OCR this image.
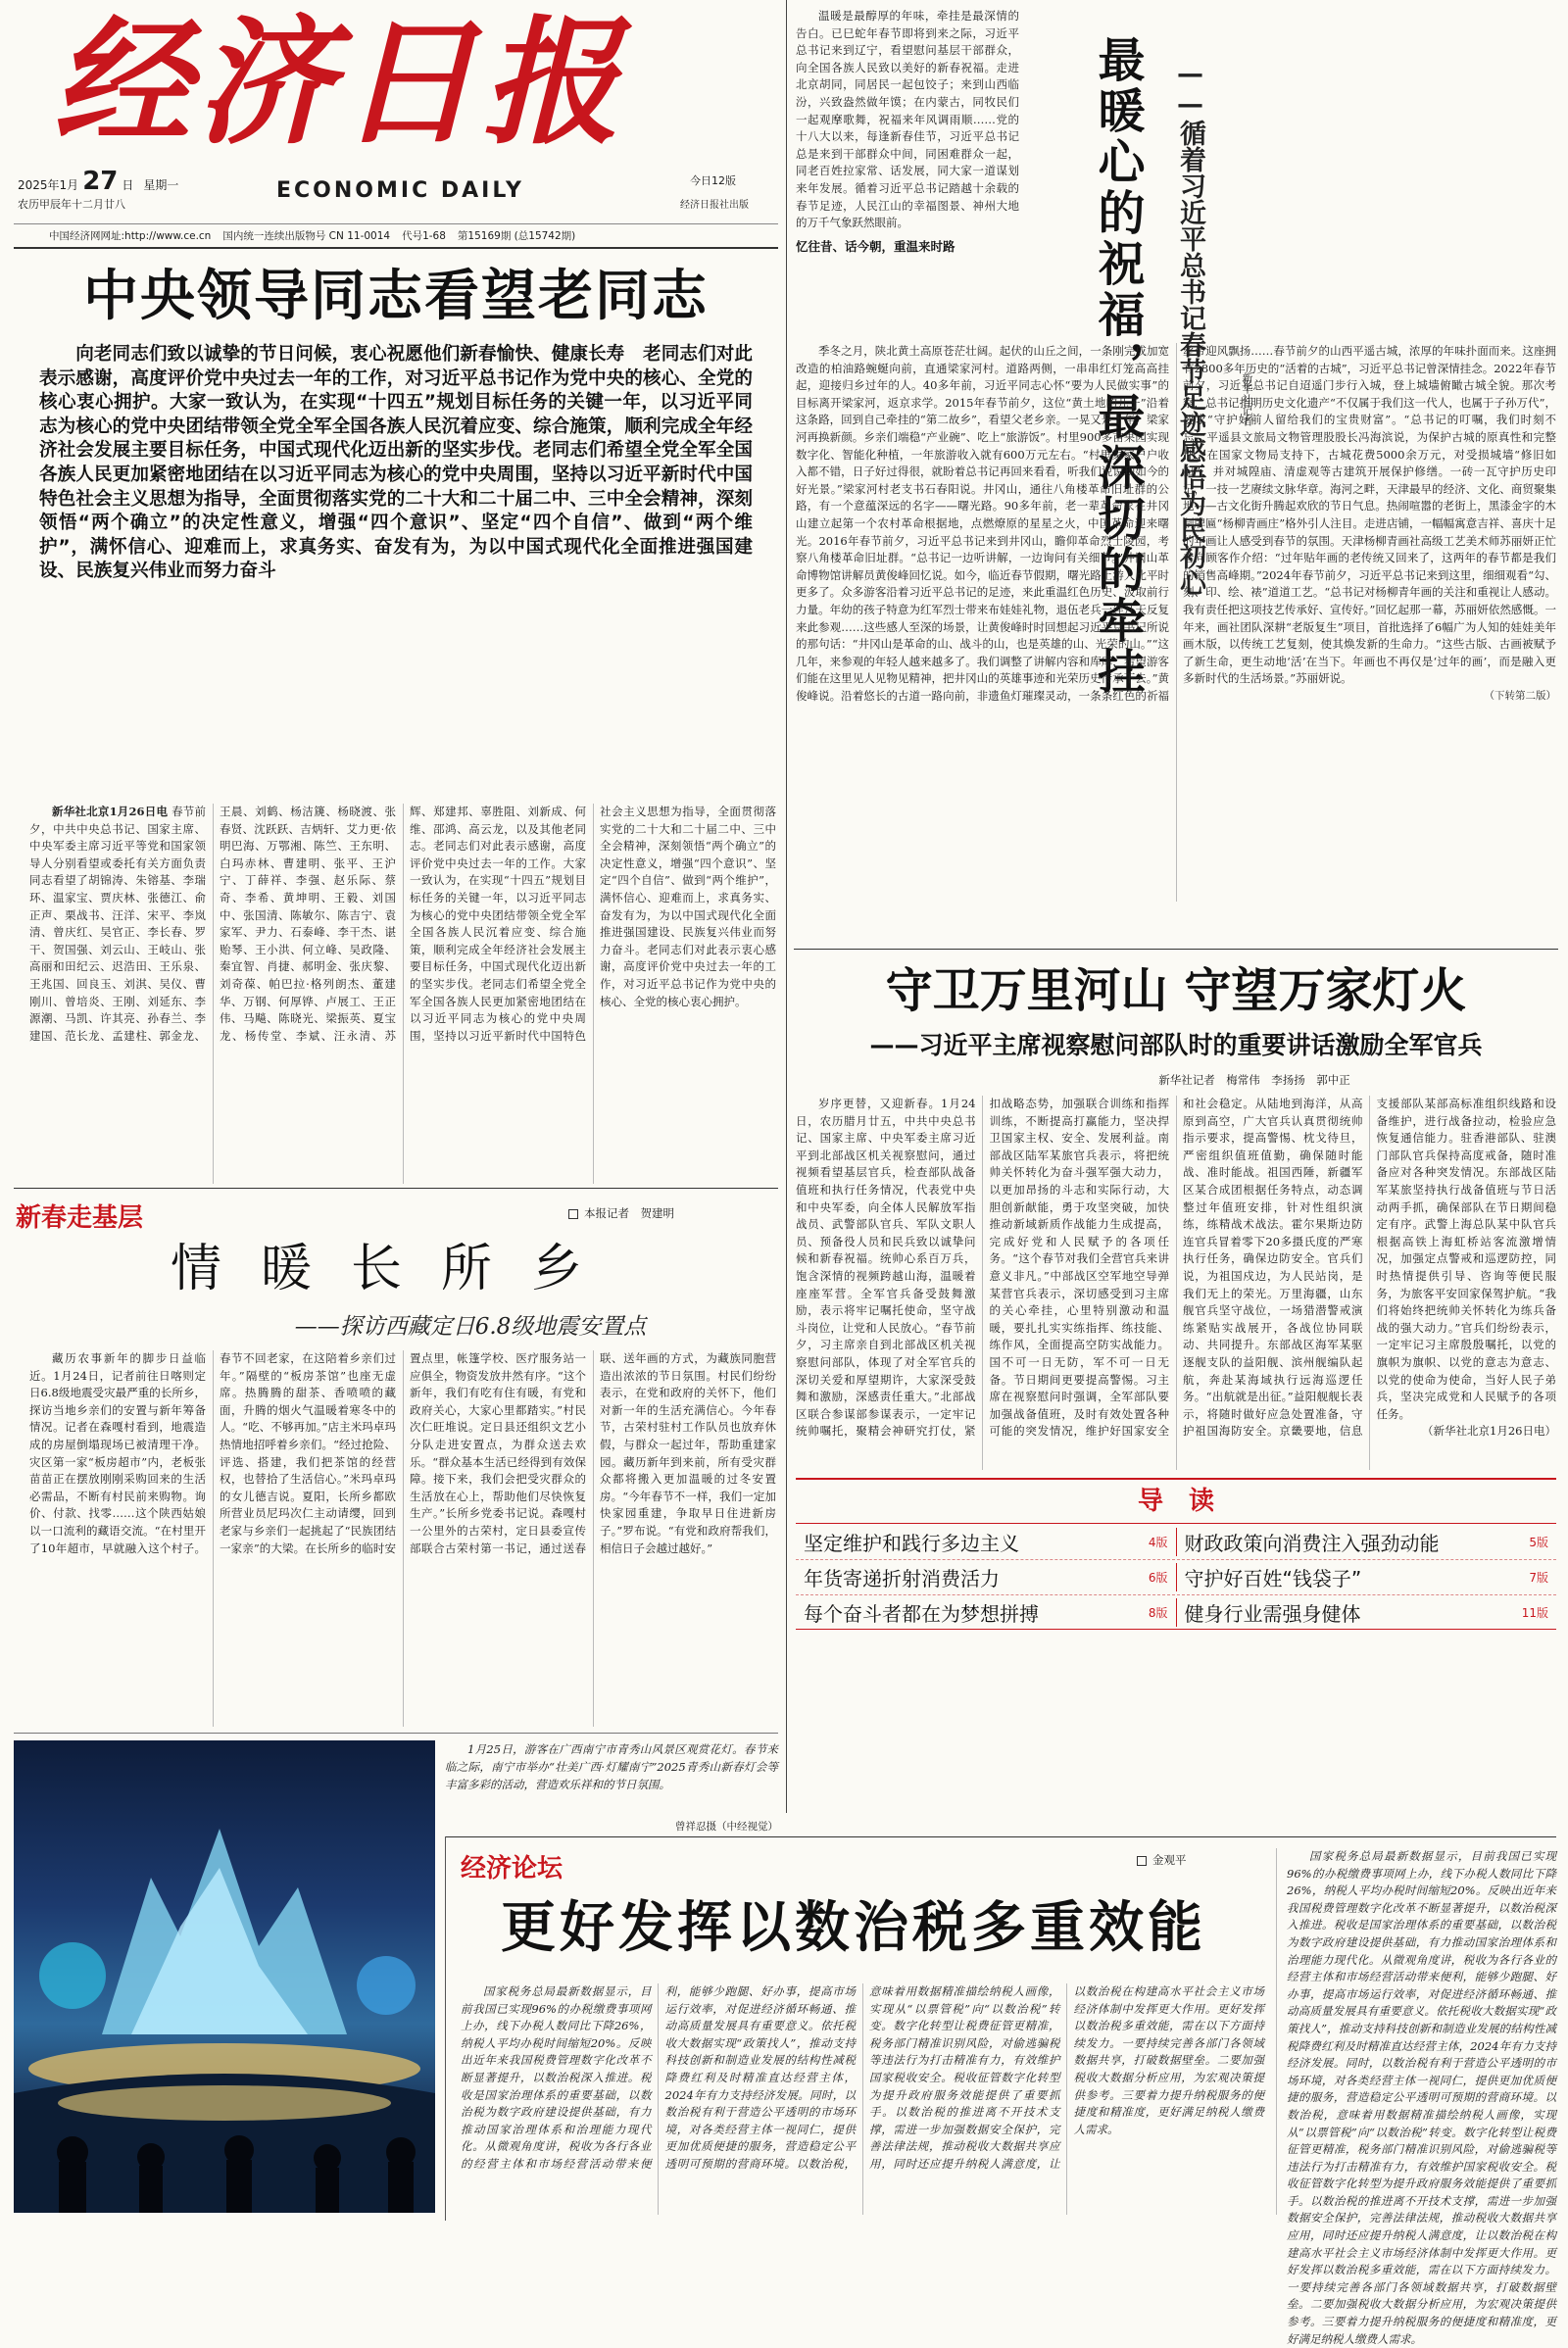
经济日报
2025年1月 27 日 星期一
农历甲辰年十二月廿八
ECONOMIC DAILY	今日12版
经济日报社出版
中国经济网网址:http://www.ce.cn 国内统一连续出版物号 CN 11-0014 代号1-68 第15169期 (总15742期)
中央领导同志看望老同志
向老同志们致以诚挚的节日问候，衷心祝愿他们新春愉快、健康长寿　老同志们对此表示感谢，高度评价党中央过去一年的工作，对习近平总书记作为党中央的核心、全党的核心衷心拥护。大家一致认为，在实现“十四五”规划目标任务的关键一年，以习近平同志为核心的党中央团结带领全党全军全国各族人民沉着应变、综合施策，顺利完成全年经济社会发展主要目标任务，中国式现代化迈出新的坚实步伐。老同志们希望全党全军全国各族人民更加紧密地团结在以习近平同志为核心的党中央周围，坚持以习近平新时代中国特色社会主义思想为指导，全面贯彻落实党的二十大和二十届二中、三中全会精神，深刻领悟“两个确立”的决定性意义，增强“四个意识”、坚定“四个自信”、做到“两个维护”，满怀信心、迎难而上，求真务实、奋发有为，为以中国式现代化全面推进强国建设、民族复兴伟业而努力奋斗
新华社北京1月26日电 春节前夕，中共中央总书记、国家主席、中央军委主席习近平等党和国家领导人分别看望或委托有关方面负责同志看望了胡锦涛、朱镕基、李瑞环、温家宝、贾庆林、张德江、俞正声、栗战书、汪洋、宋平、李岚清、曾庆红、吴官正、李长春、罗干、贺国强、刘云山、王岐山、张高丽和田纪云、迟浩田、王乐泉、王兆国、回良玉、刘淇、吴仪、曹刚川、曾培炎、王刚、刘延东、李源潮、马凯、许其亮、孙春兰、李建国、范长龙、孟建柱、郭金龙、王晨、刘鹤、杨洁篪、杨晓渡、张春贤、沈跃跃、吉炳轩、艾力更·依明巴海、万鄂湘、陈竺、王东明、白玛赤林、曹建明、张平、王沪宁、丁薛祥、李强、赵乐际、蔡奇、李希、黄坤明、王毅、刘国中、张国清、陈敏尔、陈吉宁、袁家军、尹力、石泰峰、李干杰、谌贻琴、王小洪、何立峰、吴政隆、秦宜智、肖捷、郝明金、张庆黎、刘奇葆、帕巴拉·格列朗杰、董建华、万钢、何厚铧、卢展工、王正伟、马飚、陈晓光、梁振英、夏宝龙、杨传堂、李斌、汪永清、苏辉、郑建邦、辜胜阻、刘新成、何维、邵鸿、高云龙，以及其他老同志。老同志们对此表示感谢，高度评价党中央过去一年的工作。大家一致认为，在实现“十四五”规划目标任务的关键一年，以习近平同志为核心的党中央团结带领全党全军全国各族人民沉着应变、综合施策，顺利完成全年经济社会发展主要目标任务，中国式现代化迈出新的坚实步伐。老同志们希望全党全军全国各族人民更加紧密地团结在以习近平同志为核心的党中央周围，坚持以习近平新时代中国特色社会主义思想为指导，全面贯彻落实党的二十大和二十届二中、三中全会精神，深刻领悟“两个确立”的决定性意义，增强“四个意识”、坚定“四个自信”、做到“两个维护”，满怀信心、迎难而上，求真务实、奋发有为，为以中国式现代化全面推进强国建设、民族复兴伟业而努力奋斗。老同志们对此表示衷心感谢，高度评价党中央过去一年的工作，对习近平总书记作为党中央的核心、全党的核心衷心拥护。
温暖是最醇厚的年味，牵挂是最深情的告白。已巳蛇年春节即将到来之际，习近平总书记来到辽宁，看望慰问基层干部群众，向全国各族人民致以美好的新春祝福。走进北京胡同，同居民一起包饺子；来到山西临汾，兴致盎然做年馍；在内蒙古，同牧民们一起观摩歌舞，祝福来年风调雨顺……党的十八大以来，每逢新春佳节，习近平总书记总是来到干部群众中间，同困难群众一起，同老百姓拉家常、话发展，同大家一道谋划来年发展。循着习近平总书记踏越十余载的春节足迹，人民江山的幸福图景、神州大地的万千气象跃然眼前。
忆往昔、话今朝，重温来时路	最暖心的祝福，最深切的牵挂	——循着习近平总书记春节足迹感悟为民初心	新华社记者
季冬之月，陕北黄土高原苍茫壮阔。起伏的山丘之间，一条刚完成加宽改造的柏油路蜿蜒向前，直通梁家河村。道路两侧，一串串红灯笼高高挂起，迎接归乡过年的人。40多年前，习近平同志心怀“要为人民做实事”的目标离开梁家河，返京求学。2015年春节前夕，这位“黄土地的儿子”沿着这条路，回到自己牵挂的“第二故乡”，看望父老乡亲。一晃又是十年，梁家河再换新颜。乡亲们端稳“产业碗”、吃上“旅游饭”。村里900多亩果园实现数字化、智能化种植，一年旅游收入就有600万元左右。“村里家家户户收入都不错，日子好过得很，就盼着总书记再回来看看，听我们说说现如今的好光景。”梁家河村老支书石春阳说。井冈山，通往八角楼革命旧址群的公路，有一个意蕴深远的名字——曙光路。90多年前，老一辈革命家在井冈山建立起第一个农村革命根据地，点燃燎原的星星之火，中国革命迎来曙光。2016年春节前夕，习近平总书记来到井冈山，瞻仰革命烈士陵园，考察八角楼革命旧址群。“总书记一边听讲解，一边询问有关细节。”井冈山革命博物馆讲解员黄俊峰回忆说。如今，临近春节假期，曙光路上游人比平时更多了。众多游客沿着习近平总书记的足迹，来此重温红色历史、汲取前行力量。年幼的孩子特意为红军烈士带来布娃娃礼物，退伍老兵一连几天反复来此参观……这些感人至深的场景，让黄俊峰时时回想起习近平总书记所说的那句话：“井冈山是革命的山、战斗的山，也是英雄的山、光荣的山。”“这几年，来参观的年轻人越来越多了。我们调整了讲解内容和库库，希望游客们能在这里见人见物见精神，把井冈山的英雄事迹和光荣历史传承下去。”黄俊峰说。沿着悠长的古道一路向前，非遗鱼灯璀璨灵动，一条条红色的祈福丝带迎风飘扬……春节前夕的山西平遥古城，浓厚的年味扑面而来。这座拥有2800多年历史的“活着的古城”，习近平总书记曾深情挂念。2022年春节前夕，习近平总书记自迢遥门步行入城，登上城墙俯瞰古城全貌。那次考察，总书记指明历史文化遗产“不仅属于我们这一代人，也属于子孙万代”，要求“守护好前人留给我们的宝贵财富”。“总书记的叮嘱，我们时刻不忘。”平遥县文旅局文物管理股股长冯海滨说，为保护古城的原真性和完整性，在国家文物局支持下，古城花费5000余万元，对受损城墙“修旧如旧”，并对城隍庙、清虚观等古建筑开展保护修缮。一砖一瓦守护历史印记，一技一艺赓续文脉华章。海河之畔，天津最早的经济、文化、商贸聚集地——古文化街升腾起欢欣的节日气息。热闹喧嚣的老街上，黑漆金字的木制牌匾“杨柳青画庄”格外引人注目。走进店铺，一幅幅寓意吉祥、喜庆十足的年画让人感受到春节的氛围。天津杨柳青画社高级工艺美术师苏丽妍正忙着向顾客作介绍：“过年贴年画的老传统又回来了，这两年的春节都是我们的销售高峰期。”2024年春节前夕，习近平总书记来到这里，细细观看“勾、刻、印、绘、裱”道道工艺。“总书记对杨柳青年画的关注和重视让人感动。我有责任把这项技艺传承好、宣传好。”回忆起那一幕，苏丽妍依然感慨。一年来，画社团队深耕“老版复生”项目，首批选择了6幅广为人知的娃娃美年画木版，以传统工艺复刻，使其焕发新的生命力。“这些古版、古画被赋予了新生命，更生动地‘活’在当下。年画也不再仅是‘过年的画’，而是融入更多新时代的生活场景。”苏丽妍说。
（下转第二版）
守卫万里河山 守望万家灯火
——习近平主席视察慰问部队时的重要讲话激励全军官兵
新华社记者　梅常伟　李扬扬　郭中正
岁序更替，又迎新春。1月24日，农历腊月廿五，中共中央总书记、国家主席、中央军委主席习近平到北部战区机关视察慰问，通过视频看望基层官兵，检查部队战备值班和执行任务情况，代表党中央和中央军委，向全体人民解放军指战员、武警部队官兵、军队文职人员、预备役人员和民兵致以诚挚问候和新春祝福。统帅心系百万兵，饱含深情的视频跨越山海，温暖着座座军营。全军官兵备受鼓舞激励，表示将牢记嘱托使命，坚守战斗岗位，让党和人民放心。“春节前夕，习主席亲自到北部战区机关视察慰问部队，体现了对全军官兵的深切关爱和厚望期许，大家深受鼓舞和激励，深感责任重大。”北部战区联合参谋部参谋表示，一定牢记统帅嘱托，聚精会神研究打仗，紧扣战略态势，加强联合训练和指挥训练，不断提高打赢能力，坚决捍卫国家主权、安全、发展利益。南部战区陆军某旅官兵表示，将把统帅关怀转化为奋斗强军强大动力，以更加昂扬的斗志和实际行动，大胆创新献能，勇于攻坚突破，加快推动新域新质作战能力生成提高，完成好党和人民赋予的各项任务。“这个春节对我们全营官兵来讲意义非凡。”中部战区空军地空导弹某营官兵表示，深切感受到习主席的关心牵挂，心里特别激动和温暖，要扎扎实实练指挥、练技能、练作风，全面提高空防实战能力。国不可一日无防，军不可一日无备。节日期间更要提高警惕。习主席在视察慰问时强调，全军部队要加强战备值班，及时有效处置各种可能的突发情况，维护好国家安全和社会稳定。从陆地到海洋，从高原到高空，广大官兵认真贯彻统帅指示要求，提高警惕、枕戈待旦，严密组织值班值勤，确保随时能战、准时能战。祖国西陲，新疆军区某合成团根据任务特点，动态调整过年值班安排，针对性组织演练，练精战术战法。霍尔果斯边防连官兵冒着零下20多摄氏度的严寒执行任务，确保边防安全。官兵们说，为祖国戍边，为人民站岗，是我们无上的荣光。万里海疆，山东舰官兵坚守战位，一场猎潜警戒演练紧贴实战展开，各战位协同联动、共同提升。东部战区海军某驱逐舰支队的益阳舰、滨州舰编队起航，奔赴某海域执行远海巡逻任务。“出航就是出征。”益阳舰舰长表示，将随时做好应急处置准备，守护祖国海防安全。京畿要地，信息支援部队某部高标准组织线路和设备维护，进行战备拉动，检验应急恢复通信能力。驻香港部队、驻澳门部队官兵保持高度戒备，随时准备应对各种突发情况。东部战区陆军某旅坚持执行战备值班与节日活动两手抓，确保部队在节日期间稳定有序。武警上海总队某中队官兵根据高铁上海虹桥站客流激增情况，加强定点警戒和巡逻防控，同时热情提供引导、咨询等便民服务，为旅客平安回家保驾护航。“我们将始终把统帅关怀转化为练兵备战的强大动力。”官兵们纷纷表示，一定牢记习主席殷殷嘱托，以党的旗帜为旗帜、以党的意志为意志、以党的使命为使命，当好人民子弟兵，坚决完成党和人民赋予的各项任务。
（新华社北京1月26日电）
导　读
坚定维护和践行多边主义	4版 财政政策向消费注入强劲动能	5版
年货寄递折射消费活力	6版 守护好百姓“钱袋子”	7版
每个奋斗者都在为梦想拼搏	8版 健身行业需强身健体	11版
新春走基层	本报记者　贺建明
情暖长所乡
——探访西藏定日6.8级地震安置点
藏历农事新年的脚步日益临近。1月24日，记者前往日喀则定日6.8级地震受灾最严重的长所乡，探访当地乡亲们的安置与新年筹备情况。记者在森嘎村看到，地震造成的房屋倒塌现场已被清理干净。灾区第一家“板房超市”内，老板张苗苗正在摆放刚刚采购回来的生活必需品，不断有村民前来购物。询价、付款、找零……这个陕西姑娘以一口流利的藏语交流。“在村里开了10年超市，早就融入这个村子。春节不回老家，在这陪着乡亲们过年。”隔壁的“板房茶馆”也座无虚席。热腾腾的甜茶、香喷喷的藏面，升腾的烟火气温暖着寒冬中的人。“吃、不够再加。”店主米玛卓玛热情地招呼着乡亲们。“经过抢险、评选、搭建，我们把茶馆的经营权，也替拾了生活信心。”米玛卓玛的女儿德吉说。夏阳，长所乡都欧所营业员尼玛次仁主动请缨，回到老家与乡亲们一起挑起了“民族团结一家亲”的大梁。在长所乡的临时安置点里，帐篷学校、医疗服务站一应俱全，物资发放井然有序。“这个新年，我们有吃有住有暖，有党和政府关心，大家心里都踏实。”村民次仁旺堆说。定日县还组织文艺小分队走进安置点，为群众送去欢乐。“群众基本生活已经得到有效保障。接下来，我们会把受灾群众的生活放在心上，帮助他们尽快恢复生产。”长所乡党委书记说。森嘎村一公里外的古荣村，定日县委宣传部联合古荣村第一书记，通过送春联、送年画的方式，为藏族同胞营造出浓浓的节日氛围。村民们纷纷表示，在党和政府的关怀下，他们对新一年的生活充满信心。今年春节，古荣村驻村工作队员也放弃休假，与群众一起过年，帮助重建家园。藏历新年到来前，所有受灾群众都将搬入更加温暖的过冬安置房。“今年春节不一样，我们一定加快家园重建，争取早日住进新房子。”罗布说。“有党和政府帮我们，相信日子会越过越好。”
1月25日，游客在广西南宁市青秀山风景区观赏花灯。春节来临之际，南宁市举办“壮美广西·灯耀南宁”2025青秀山新春灯会等丰富多彩的活动，营造欢乐祥和的节日氛围。
曾祥忍摄（中经视觉）
经济论坛	金观平
更好发挥以数治税多重效能
国家税务总局最新数据显示，目前我国已实现96%的办税缴费事项网上办，线下办税人数同比下降26%，纳税人平均办税时间缩短20%。反映出近年来我国税费管理数字化改革不断显著提升，以数治税深入推进。税收是国家治理体系的重要基础，以数治税为数字政府建设提供基础，有力推动国家治理体系和治理能力现代化。从微观角度讲，税收为各行各业的经营主体和市场经营活动带来便利，能够少跑腿、好办事，提高市场运行效率，对促进经济循环畅通、推动高质量发展具有重要意义。依托税收大数据实现“政策找人”，推动支持科技创新和制造业发展的结构性减税降费红利及时精准直达经营主体，2024年有力支持经济发展。同时，以数治税有利于营造公平透明的市场环境，对各类经营主体一视同仁，提供更加优质便捷的服务，营造稳定公平透明可预期的营商环境。以数治税，意味着用数据精准描绘纳税人画像，实现从“以票管税”向“以数治税”转变。数字化转型让税费征管更精准，税务部门精准识别风险，对偷逃骗税等违法行为打击精准有力，有效维护国家税收安全。税收征管数字化转型为提升政府服务效能提供了重要抓手。以数治税的推进离不开技术支撑，需进一步加强数据安全保护，完善法律法规，推动税收大数据共享应用，同时还应提升纳税人满意度，让以数治税在构建高水平社会主义市场经济体制中发挥更大作用。更好发挥以数治税多重效能，需在以下方面持续发力。一要持续完善各部门各领域数据共享，打破数据壁垒。二要加强税收大数据分析应用，为宏观决策提供参考。三要着力提升纳税服务的便捷度和精准度，更好满足纳税人缴费人需求。
国家税务总局最新数据显示，目前我国已实现96%的办税缴费事项网上办，线下办税人数同比下降26%，纳税人平均办税时间缩短20%。反映出近年来我国税费管理数字化改革不断显著提升，以数治税深入推进。税收是国家治理体系的重要基础，以数治税为数字政府建设提供基础，有力推动国家治理体系和治理能力现代化。从微观角度讲，税收为各行各业的经营主体和市场经营活动带来便利，能够少跑腿、好办事，提高市场运行效率，对促进经济循环畅通、推动高质量发展具有重要意义。依托税收大数据实现“政策找人”，推动支持科技创新和制造业发展的结构性减税降费红利及时精准直达经营主体，2024年有力支持经济发展。同时，以数治税有利于营造公平透明的市场环境，对各类经营主体一视同仁，提供更加优质便捷的服务，营造稳定公平透明可预期的营商环境。以数治税，意味着用数据精准描绘纳税人画像，实现从“以票管税”向“以数治税”转变。数字化转型让税费征管更精准，税务部门精准识别风险，对偷逃骗税等违法行为打击精准有力，有效维护国家税收安全。税收征管数字化转型为提升政府服务效能提供了重要抓手。以数治税的推进离不开技术支撑，需进一步加强数据安全保护，完善法律法规，推动税收大数据共享应用，同时还应提升纳税人满意度，让以数治税在构建高水平社会主义市场经济体制中发挥更大作用。更好发挥以数治税多重效能，需在以下方面持续发力。一要持续完善各部门各领域数据共享，打破数据壁垒。二要加强税收大数据分析应用，为宏观决策提供参考。三要着力提升纳税服务的便捷度和精准度，更好满足纳税人缴费人需求。
